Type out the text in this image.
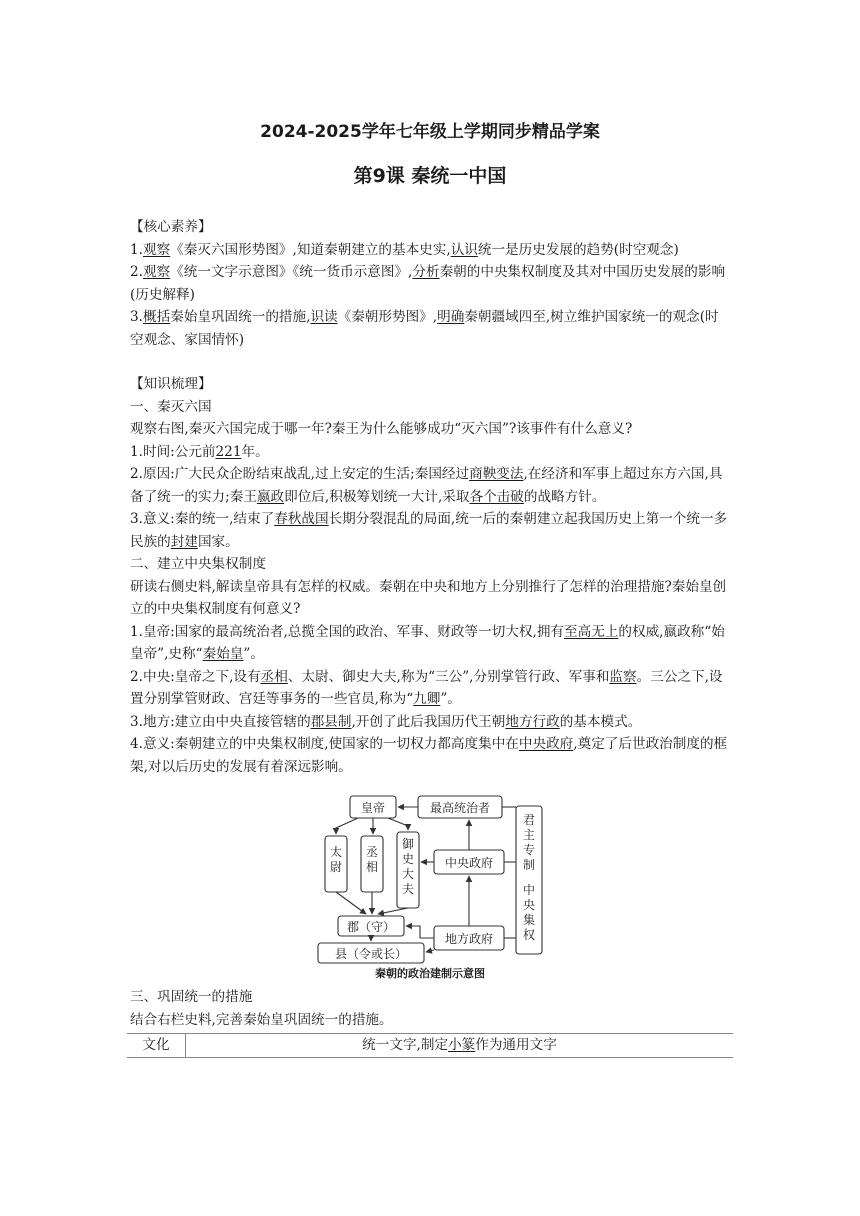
2024-2025学年七年级上学期同步精品学案
第9课 秦统一中国

【核心素养】

1.观察《秦灭六国形势图》,知道秦朝建立的基本史实,认识统一是历史发展的趋势(时空观念)

2.观察《统一文字示意图》《统一货币示意图》,分析秦朝的中央集权制度及其对中国历史发展的影响(历史解释)

3.概括秦始皇巩固统一的措施,识读《秦朝形势图》,明确秦朝疆域四至,树立维护国家统一的观念(时空观念、家国情怀)

【知识梳理】

一、秦灭六国

观察右图,秦灭六国完成于哪一年?秦王为什么能够成功“灭六国”?该事件有什么意义?

1.时间:公元前221年。

2.原因:广大民众企盼结束战乱,过上安定的生活;秦国经过商鞅变法,在经济和军事上超过东方六国,具备了统一的实力;秦王嬴政即位后,积极筹划统一大计,采取各个击破的战略方针。

3.意义:秦的统一,结束了春秋战国长期分裂混乱的局面,统一后的秦朝建立起我国历史上第一个统一多民族的封建国家。

二、建立中央集权制度

研读右侧史料,解读皇帝具有怎样的权威。秦朝在中央和地方上分别推行了怎样的治理措施?秦始皇创立的中央集权制度有何意义?

1.皇帝:国家的最高统治者,总揽全国的政治、军事、财政等一切大权,拥有至高无上的权威,嬴政称“始皇帝”,史称“秦始皇”。

2.中央:皇帝之下,设有丞相、太尉、御史大夫,称为“三公”,分别掌管行政、军事和监察。三公之下,设置分别掌管财政、宫廷等事务的一些官员,称为“九卿”。

3.地方:建立由中央直接管辖的郡县制,开创了此后我国历代王朝地方行政的基本模式。

4.意义:秦朝建立的中央集权制度,使国家的一切权力都高度集中在中央政府,奠定了后世政治制度的框架,对以后历史的发展有着深远影响。

皇帝	最高统治者
中央政府
郡（守）
县（令或长）
地方政府
太尉
丞相
御史大夫
君主专制
中央集权
秦朝的政治建制示意图

三、巩固统一的措施

结合右栏史料,完善秦始皇巩固统一的措施。

文化	统一文字,制定小篆作为通用文字
